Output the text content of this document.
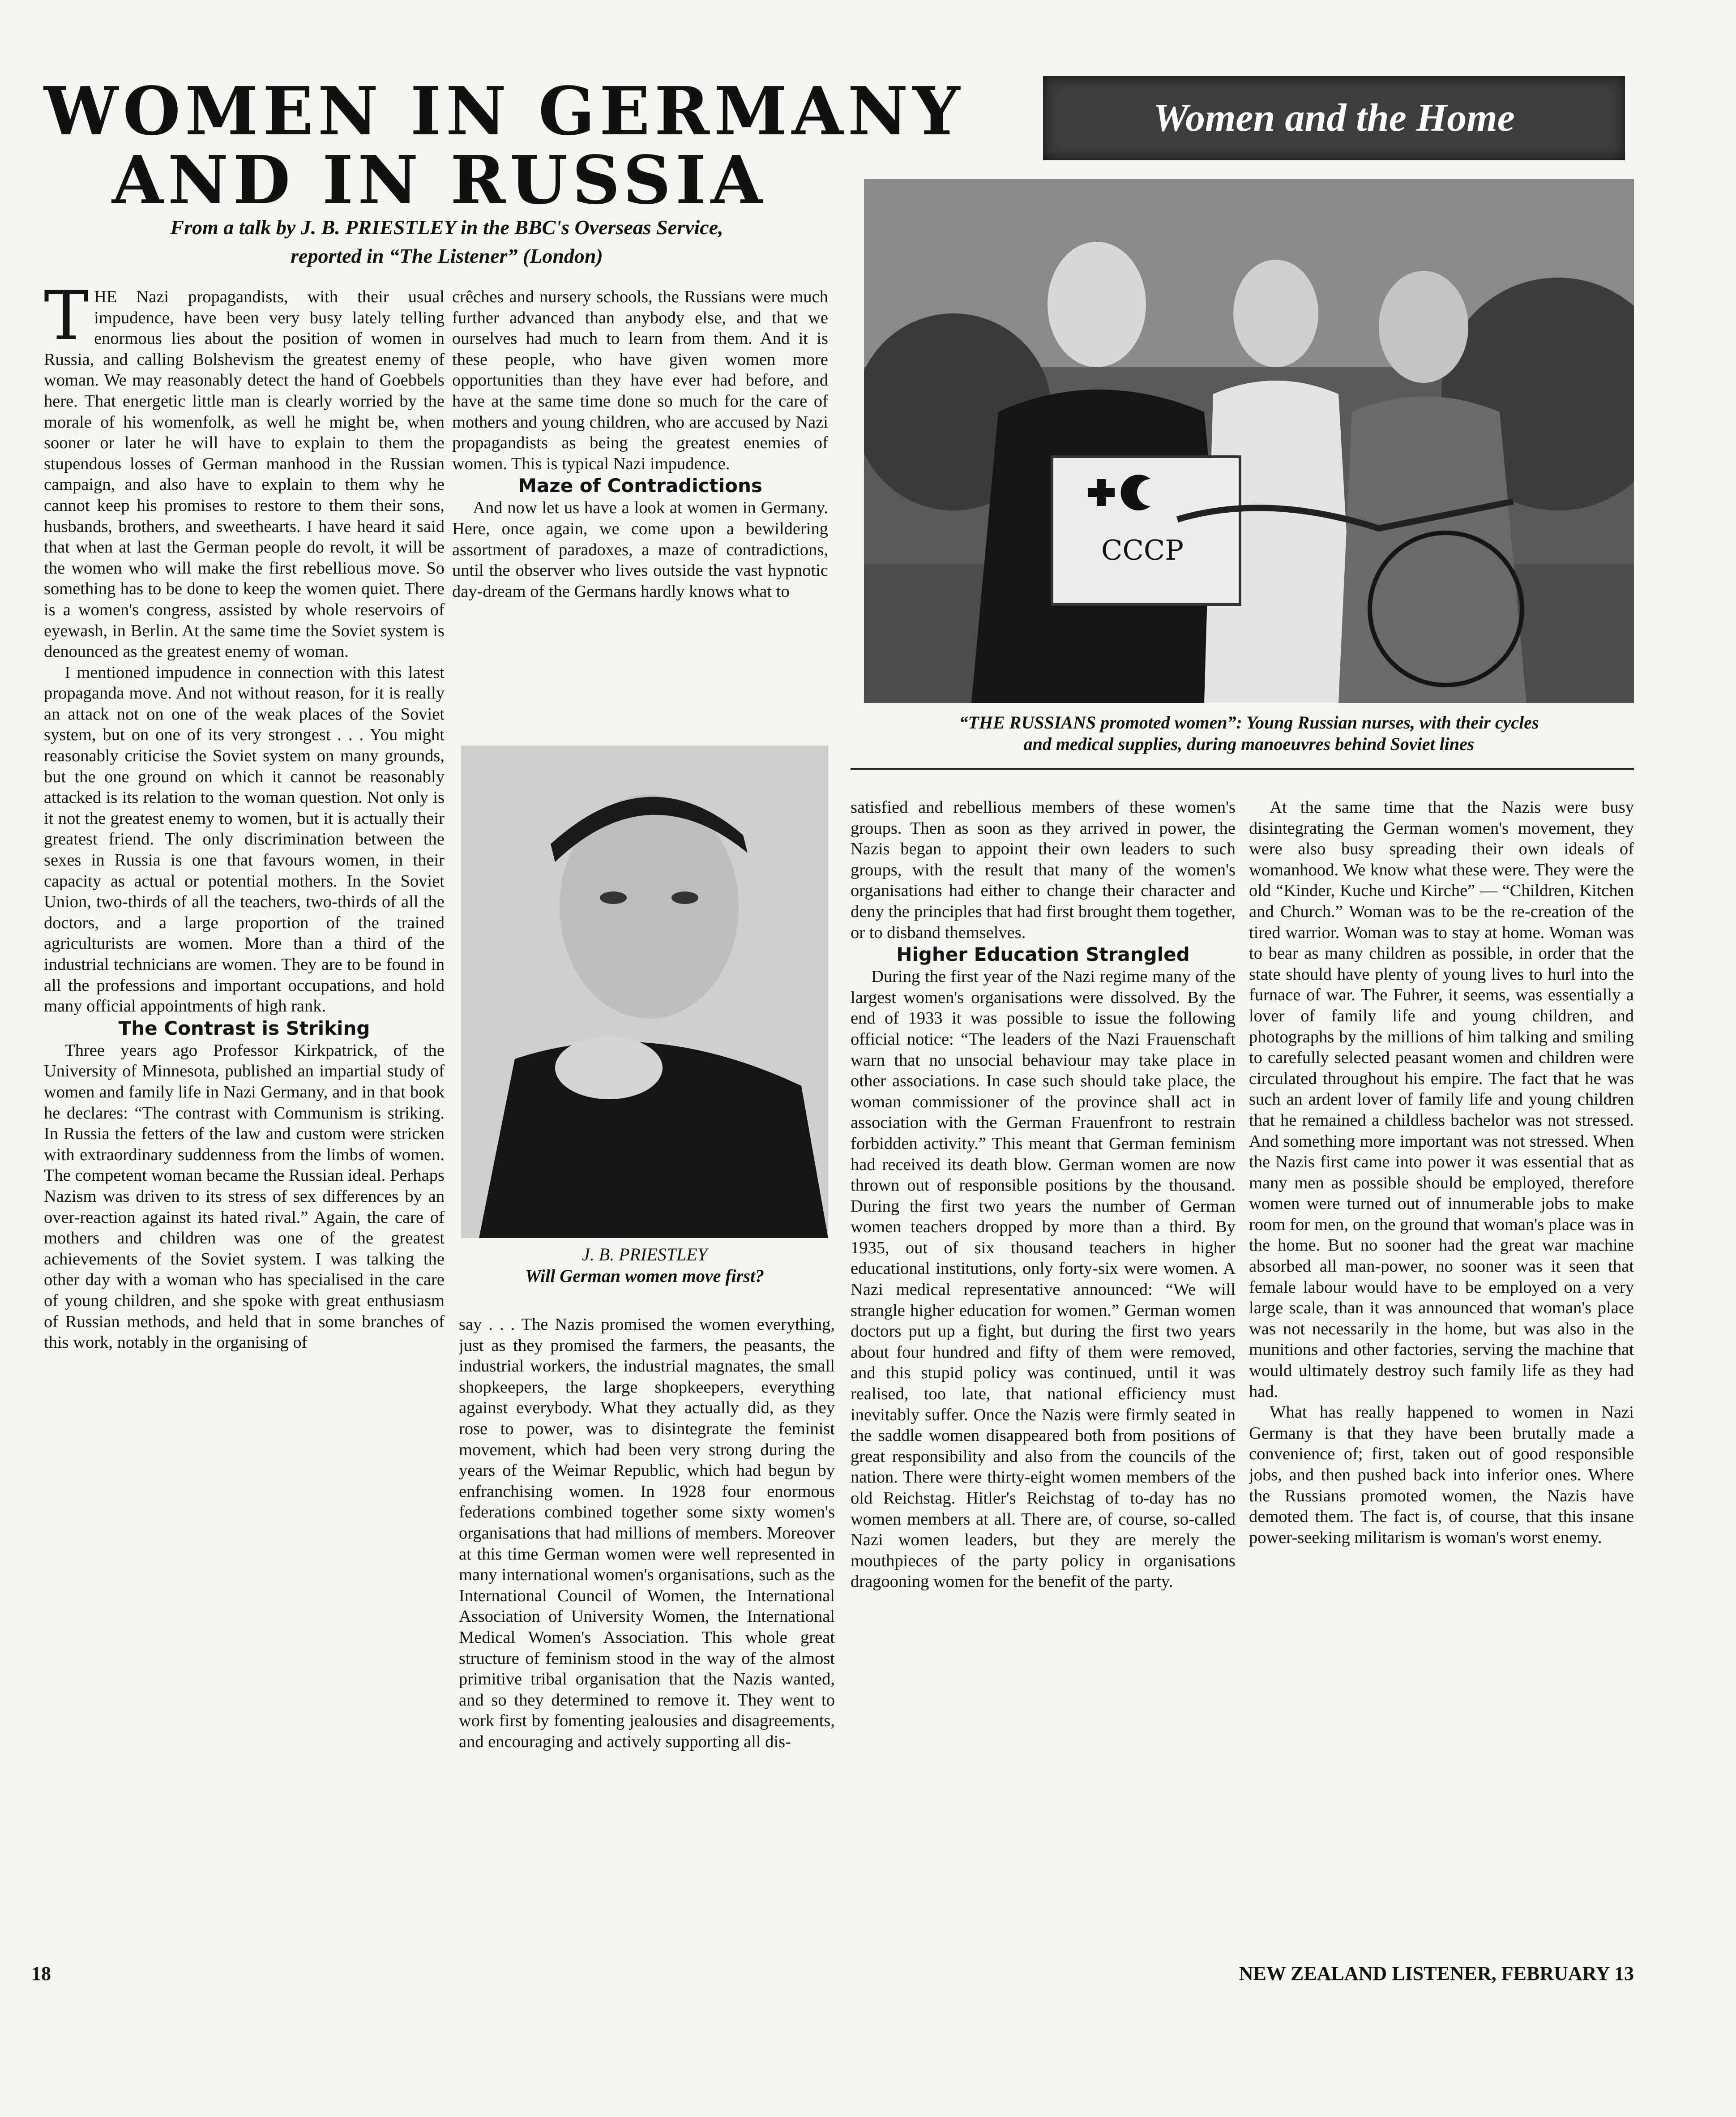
WOMEN IN GERMANY
AND IN RUSSIA
From a talk by J. B. PRIESTLEY in the BBC's Overseas Service,
reported in “The Listener” (London)
Women and the Home
CCCP
“THE RUSSIANS promoted women”: Young Russian nurses, with their cycles
and medical supplies, during manoeuvres behind Soviet lines
J. B. PRIESTLEY
Will German women move first?

THE Nazi propagandists, with their usual impudence, have been very busy lately telling enormous lies about the position of women in Russia, and calling Bolshevism the greatest enemy of woman. We may reasonably detect the hand of Goebbels here. That energetic little man is clearly worried by the morale of his womenfolk, as well he might be, when sooner or later he will have to explain to them the stupendous losses of German manhood in the Russian campaign, and also have to explain to them why he cannot keep his promises to restore to them their sons, husbands, brothers, and sweethearts. I have heard it said that when at last the German people do revolt, it will be the women who will make the first rebellious move. So something has to be done to keep the women quiet. There is a women's congress, assisted by whole reservoirs of eyewash, in Berlin. At the same time the Soviet system is denounced as the greatest enemy of woman.

I mentioned impudence in connection with this latest propaganda move. And not without reason, for it is really an attack not on one of the weak places of the Soviet system, but on one of its very strongest . . . You might reasonably criticise the Soviet system on many grounds, but the one ground on which it cannot be reasonably attacked is its relation to the woman question. Not only is it not the greatest enemy to women, but it is actually their greatest friend. The only discrimination between the sexes in Russia is one that favours women, in their capacity as actual or potential mothers. In the Soviet Union, two-thirds of all the teachers, two-thirds of all the doctors, and a large proportion of the trained agriculturists are women. More than a third of the industrial technicians are women. They are to be found in all the professions and important occupations, and hold many official appointments of high rank.

The Contrast is Striking

Three years ago Professor Kirkpatrick, of the University of Minnesota, published an impartial study of women and family life in Nazi Germany, and in that book he declares: “The contrast with Communism is striking. In Russia the fetters of the law and custom were stricken with extraordinary suddenness from the limbs of women. The competent woman became the Russian ideal. Perhaps Nazism was driven to its stress of sex differences by an over-reaction against its hated rival.” Again, the care of mothers and children was one of the greatest achievements of the Soviet system. I was talking the other day with a woman who has specialised in the care of young children, and she spoke with great enthusiasm of Russian methods, and held that in some branches of this work, notably in the organising of

crêches and nursery schools, the Russians were much further advanced than anybody else, and that we ourselves had much to learn from them. And it is these people, who have given women more opportunities than they have ever had before, and have at the same time done so much for the care of mothers and young children, who are accused by Nazi propagandists as being the greatest enemies of women. This is typical Nazi impudence.

Maze of Contradictions

And now let us have a look at women in Germany. Here, once again, we come upon a bewildering assortment of paradoxes, a maze of contradictions, until the observer who lives outside the vast hypnotic day-dream of the Germans hardly knows what to

say . . . The Nazis promised the women everything, just as they promised the farmers, the peasants, the industrial workers, the industrial magnates, the small shopkeepers, the large shopkeepers, everything against everybody. What they actually did, as they rose to power, was to disintegrate the feminist movement, which had been very strong during the years of the Weimar Republic, which had begun by enfranchising women. In 1928 four enormous federations combined together some sixty women's organisations that had millions of members. Moreover at this time German women were well represented in many international women's organisations, such as the International Council of Women, the International Association of University Women, the International Medical Women's Association. This whole great structure of feminism stood in the way of the almost primitive tribal organisation that the Nazis wanted, and so they determined to remove it. They went to work first by fomenting jealousies and disagreements, and encouraging and actively supporting all dis-

satisfied and rebellious members of these women's groups. Then as soon as they arrived in power, the Nazis began to appoint their own leaders to such groups, with the result that many of the women's organisations had either to change their character and deny the principles that had first brought them together, or to disband themselves.

Higher Education Strangled

During the first year of the Nazi regime many of the largest women's organisations were dissolved. By the end of 1933 it was possible to issue the following official notice: “The leaders of the Nazi Frauenschaft warn that no unsocial behaviour may take place in other associations. In case such should take place, the woman commissioner of the province shall act in association with the German Frauenfront to restrain forbidden activity.” This meant that German feminism had received its death blow. German women are now thrown out of responsible positions by the thousand. During the first two years the number of German women teachers dropped by more than a third. By 1935, out of six thousand teachers in higher educational institutions, only forty-six were women. A Nazi medical representative announced: “We will strangle higher education for women.” German women doctors put up a fight, but during the first two years about four hundred and fifty of them were removed, and this stupid policy was continued, until it was realised, too late, that national efficiency must inevitably suffer. Once the Nazis were firmly seated in the saddle women disappeared both from positions of great responsibility and also from the councils of the nation. There were thirty-eight women members of the old Reichstag. Hitler's Reichstag of to-day has no women members at all. There are, of course, so-called Nazi women leaders, but they are merely the mouthpieces of the party policy in organisations dragooning women for the benefit of the party.

At the same time that the Nazis were busy disintegrating the German women's movement, they were also busy spreading their own ideals of womanhood. We know what these were. They were the old “Kinder, Kuche und Kirche” — “Children, Kitchen and Church.” Woman was to be the re-creation of the tired warrior. Woman was to stay at home. Woman was to bear as many children as possible, in order that the state should have plenty of young lives to hurl into the furnace of war. The Fuhrer, it seems, was essentially a lover of family life and young children, and photographs by the millions of him talking and smiling to carefully selected peasant women and children were circulated throughout his empire. The fact that he was such an ardent lover of family life and young children that he remained a childless bachelor was not stressed. And something more important was not stressed. When the Nazis first came into power it was essential that as many men as possible should be employed, therefore women were turned out of innumerable jobs to make room for men, on the ground that woman's place was in the home. But no sooner had the great war machine absorbed all man-power, no sooner was it seen that female labour would have to be employed on a very large scale, than it was announced that woman's place was not necessarily in the home, but was also in the munitions and other factories, serving the machine that would ultimately destroy such family life as they had had.

What has really happened to women in Nazi Germany is that they have been brutally made a convenience of; first, taken out of good responsible jobs, and then pushed back into inferior ones. Where the Russians promoted women, the Nazis have demoted them. The fact is, of course, that this insane power-seeking militarism is woman's worst enemy.

18	NEW ZEALAND LISTENER, FEBRUARY 13
